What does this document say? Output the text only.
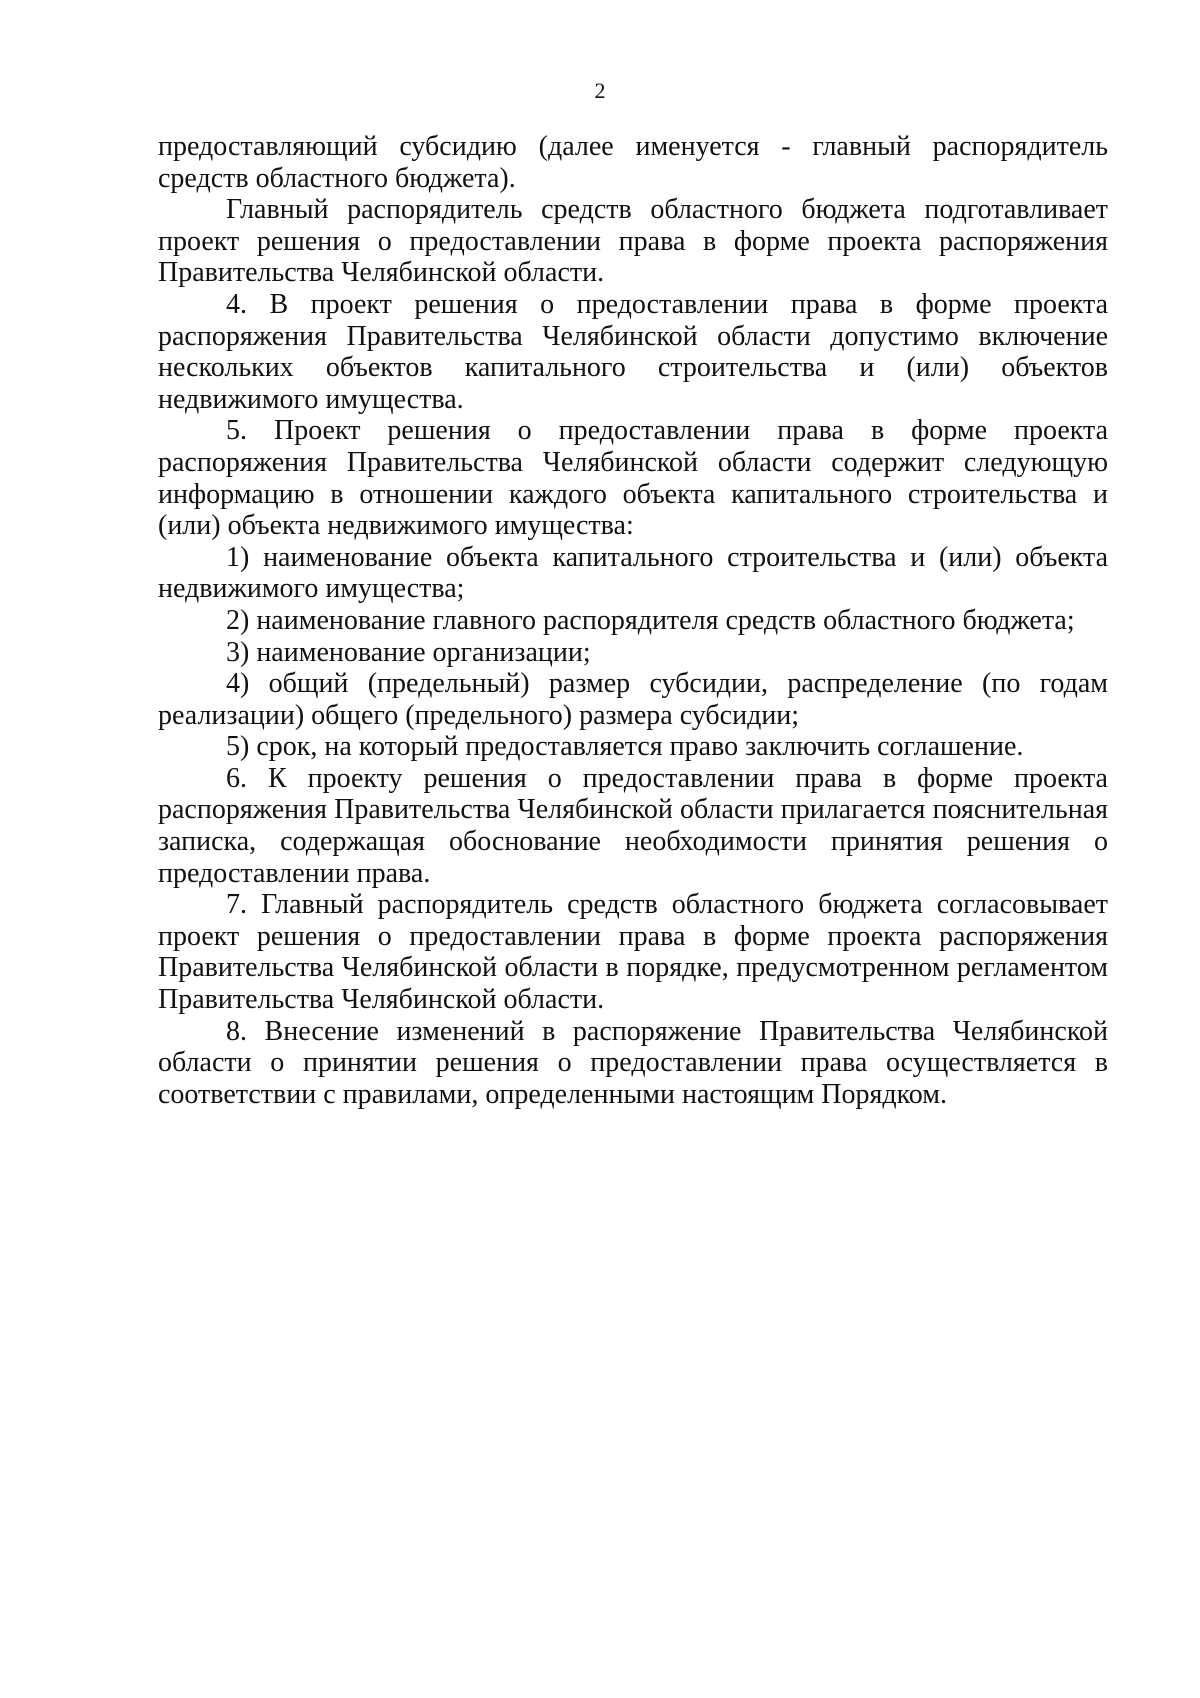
2

предоставляющий субсидию (далее именуется - главный распорядитель средств областного бюджета).

Главный распорядитель средств областного бюджета подготавливает проект решения о предоставлении права в форме проекта распоряжения Правительства Челябинской области.

4. В проект решения о предоставлении права в форме проекта распоряжения Правительства Челябинской области допустимо включение нескольких объектов капитального строительства и (или) объектов недвижимого имущества.

5. Проект решения о предоставлении права в форме проекта распоряжения Правительства Челябинской области содержит следующую информацию в отношении каждого объекта капитального строительства и (или) объекта недвижимого имущества:

1) наименование объекта капитального строительства и (или) объекта недвижимого имущества;

2) наименование главного распорядителя средств областного бюджета;

3) наименование организации;

4) общий (предельный) размер субсидии, распределение (по годам реализации) общего (предельного) размера субсидии;

5) срок, на который предоставляется право заключить соглашение.

6. К проекту решения о предоставлении права в форме проекта распоряжения Правительства Челябинской области прилагается пояснительная записка, содержащая обоснование необходимости принятия решения о предоставлении права.

7. Главный распорядитель средств областного бюджета согласовывает проект решения о предоставлении права в форме проекта распоряжения Правительства Челябинской области в порядке, предусмотренном регламентом Правительства Челябинской области.

8. Внесение изменений в распоряжение Правительства Челябинской области о принятии решения о предоставлении права осуществляется в соответствии с правилами, определенными настоящим Порядком.
